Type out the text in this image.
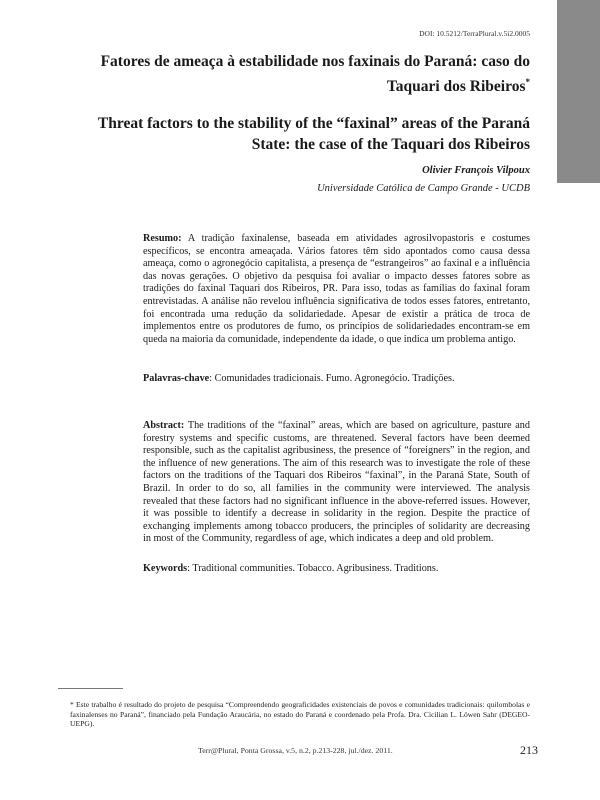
DOI: 10.5212/TerraPlural.v.5i2.0005
Fatores de ameaça à estabilidade nos faxinais do Paraná: caso do Taquari dos Ribeiros*
Threat factors to the stability of the “faxinal” areas of the Paraná State: the case of the Taquari dos Ribeiros
Olivier François Vilpoux
Universidade Católica de Campo Grande - UCDB
Resumo: A tradição faxinalense, baseada em atividades agrosilvopastoris e costumes específicos, se encontra ameaçada. Vários fatores têm sido apontados como causa dessa ameaça, como o agronegócio capitalista, a presença de “estrangeiros” ao faxinal e a influência das novas gerações. O objetivo da pesquisa foi avaliar o impacto desses fatores sobre as tradições do faxinal Taquari dos Ribeiros, PR. Para isso, todas as famílias do faxinal foram entrevistadas. A análise não revelou influência significativa de todos esses fatores, entretanto, foi encontrada uma redução da solidariedade. Apesar de existir a prática de troca de implementos entre os produtores de fumo, os princípios de solidariedades encontram-se em queda na maioria da comunidade, independente da idade, o que indica um problema antigo.
Palavras-chave: Comunidades tradicionais. Fumo. Agronegócio. Tradições.
Abstract: The traditions of the “faxinal” areas, which are based on agriculture, pasture and forestry systems and specific customs, are threatened. Several factors have been deemed responsible, such as the capitalist agribusiness, the presence of “foreigners” in the region, and the influence of new generations. The aim of this research was to investigate the role of these factors on the traditions of the Taquari dos Ribeiros “faxinal”, in the Paraná State, South of Brazil. In order to do so, all families in the community were interviewed. The analysis revealed that these factors had no significant influence in the above-referred issues. However, it was possible to identify a decrease in solidarity in the region. Despite the practice of exchanging implements among tobacco producers, the principles of solidarity are decreasing in most of the Community, regardless of age, which indicates a deep and old problem.
Keywords: Traditional communities. Tobacco. Agribusiness. Traditions.
* Este trabalho é resultado do projeto de pesquisa “Compreendendo geograficidades existenciais de povos e comunidades tradicionais: quilombolas e faxinalenses no Paraná”, financiado pela Fundação Araucária, no estado do Paraná e coordenado pela Profa. Dra. Cicilian L. Löwen Sahr (DEGEO-UEPG).
Terr@Plural, Ponta Grossa, v.5, n.2, p.213-228, jul./dez. 2011.	213
